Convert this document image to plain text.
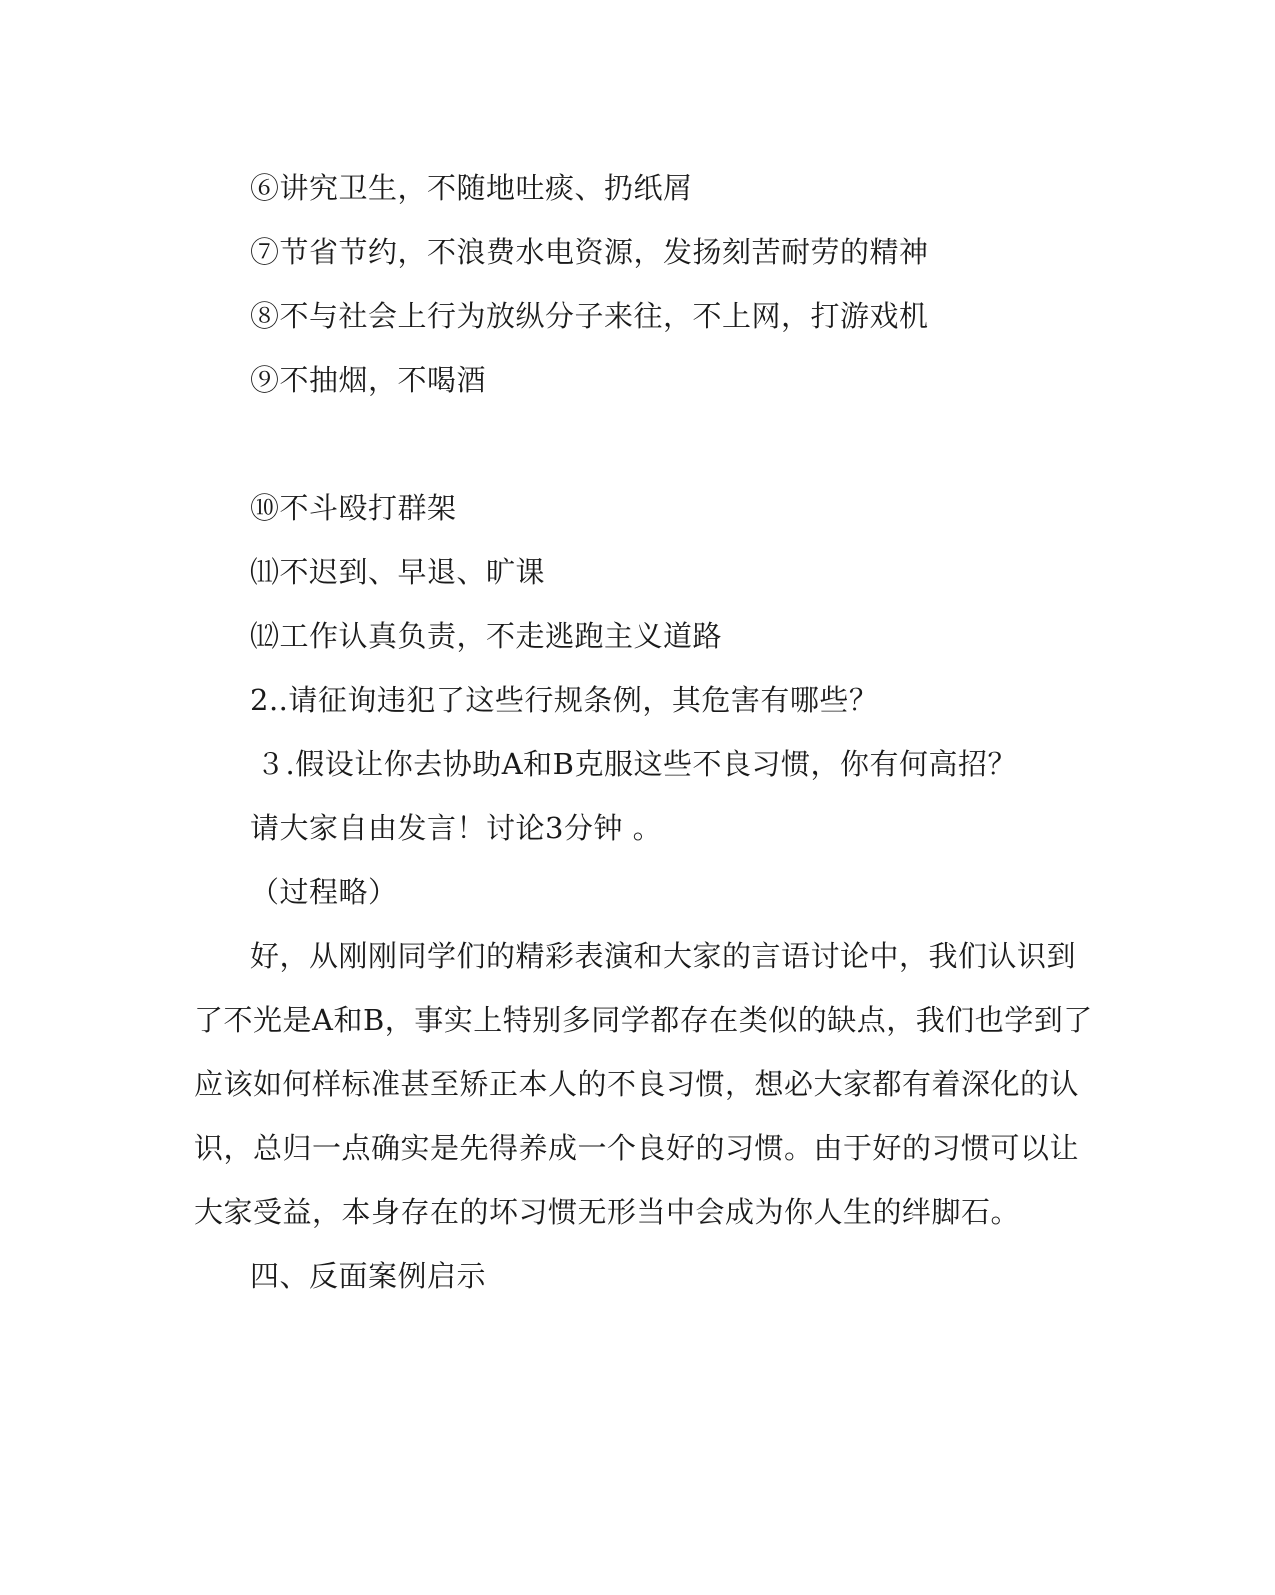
⑥讲究卫生，不随地吐痰、扔纸屑
⑦节省节约，不浪费水电资源，发扬刻苦耐劳的精神
⑧不与社会上行为放纵分子来往，不上网，打游戏机
⑨不抽烟，不喝酒
⑩不斗殴打群架
⑾不迟到、早退、旷课
⑿工作认真负责，不走逃跑主义道路
2..请征询违犯了这些行规条例，其危害有哪些？
３.假设让你去协助A和B克服这些不良习惯，你有何高招？
请大家自由发言！讨论3分钟 。
（过程略）
好，从刚刚同学们的精彩表演和大家的言语讨论中，我们认识到
了不光是A和B，事实上特别多同学都存在类似的缺点，我们也学到了
应该如何样标准甚至矫正本人的不良习惯，想必大家都有着深化的认
识，总归一点确实是先得养成一个良好的习惯。由于好的习惯可以让
大家受益，本身存在的坏习惯无形当中会成为你人生的绊脚石。
四、反面案例启示
